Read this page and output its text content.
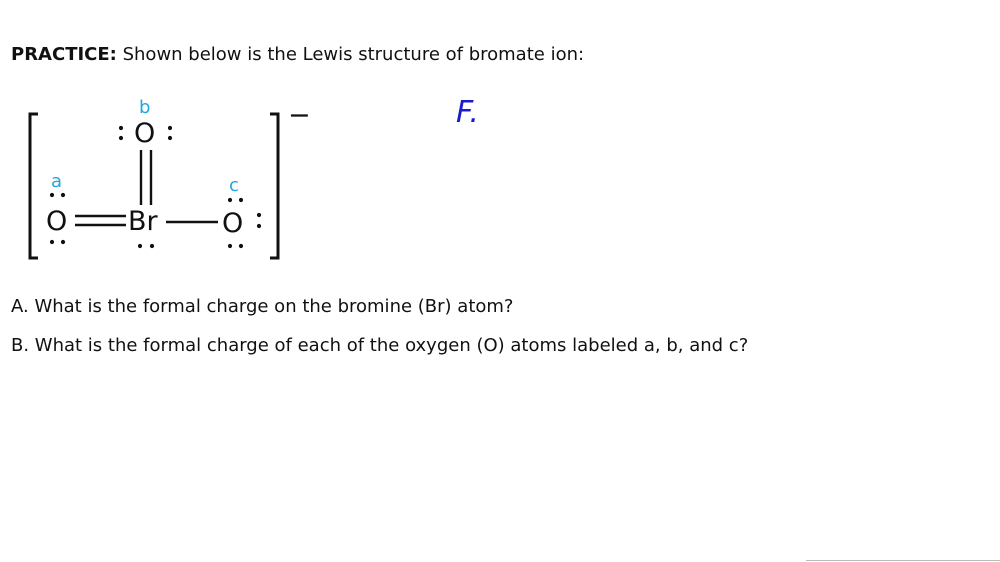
PRACTICE: Shown below is the Lewis structure of bromate ion:
−
b
O
a
O Br
c
O
F.
A. What is the formal charge on the bromine (Br) atom?
B. What is the formal charge of each of the oxygen (O) atoms labeled a, b, and c?
